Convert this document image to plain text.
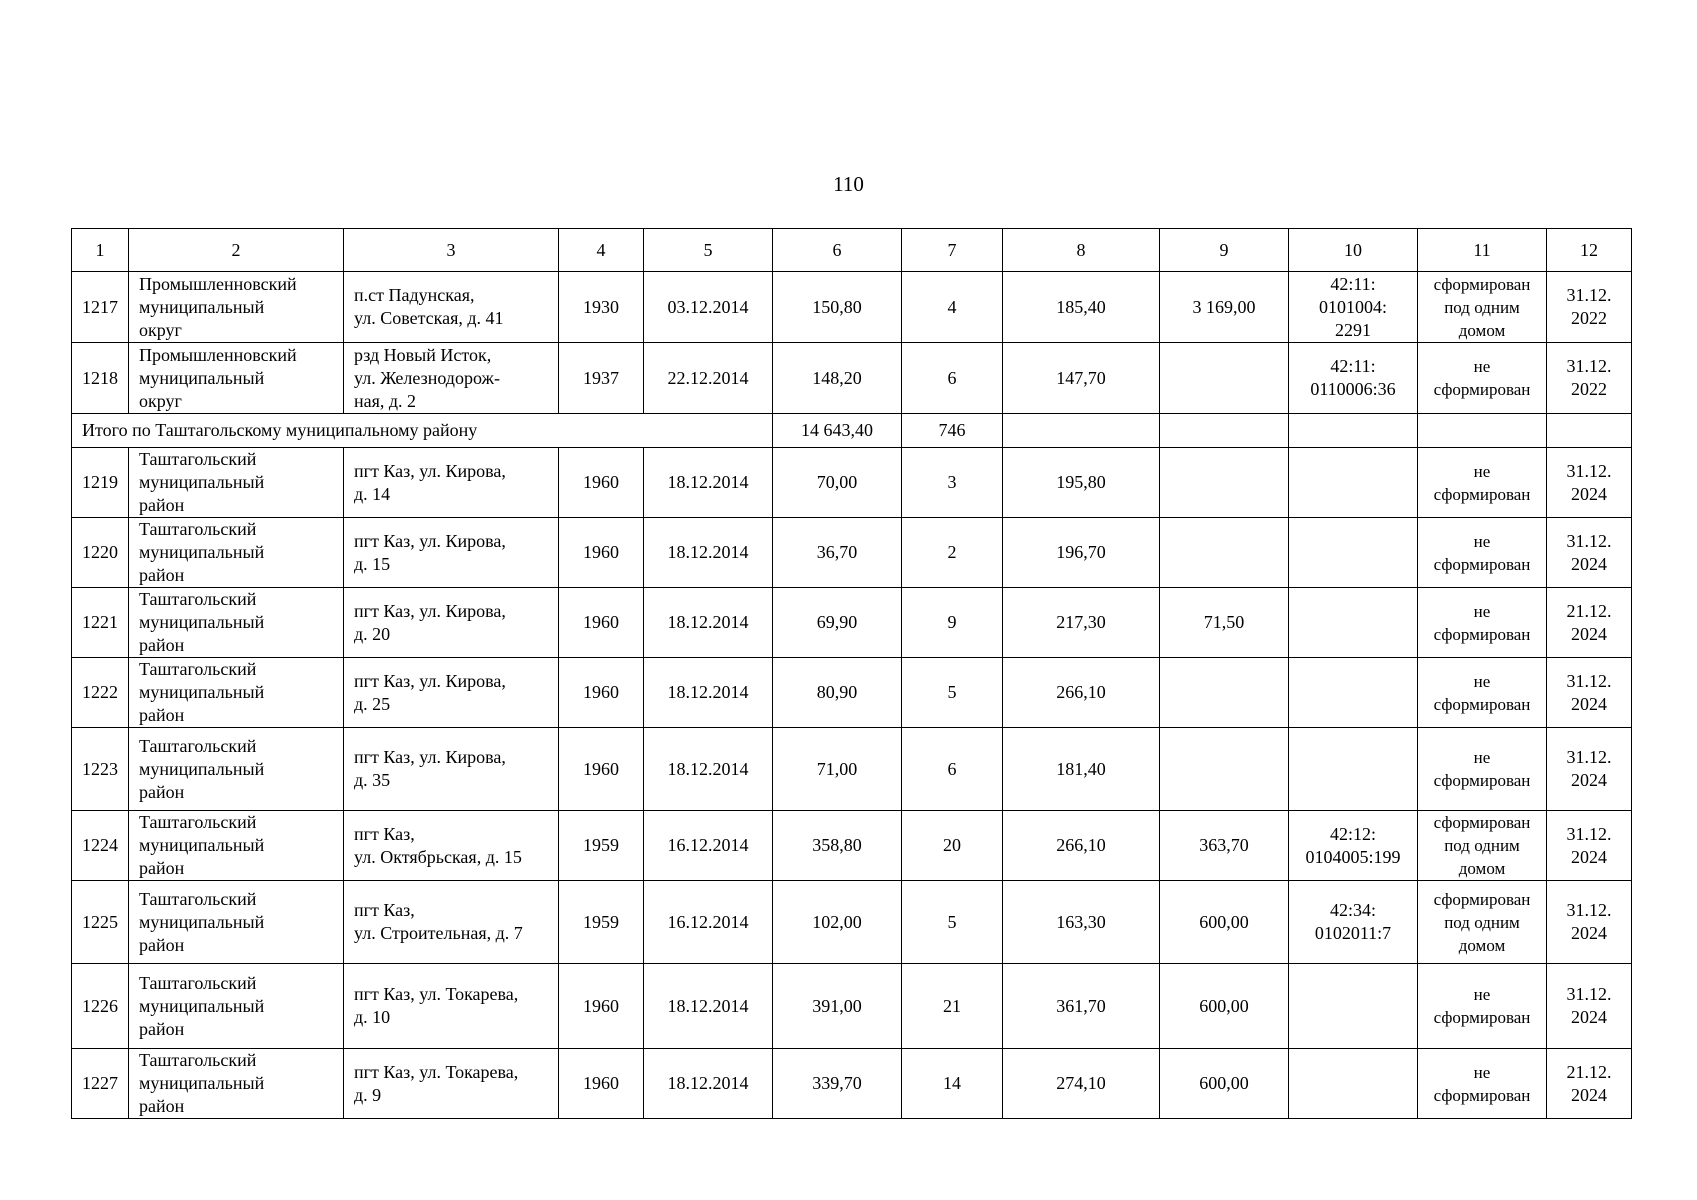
110
1	2	3	4	5	6	7	8	9	10	11	12
1217	Промышленновский
муниципальный
округ	п.ст Падунская,
ул. Советская, д. 41	1930	03.12.2014	150,80	4	185,40	3 169,00	42:11:
0101004:
2291	сформирован
под одним
домом	31.12.
2022
1218	Промышленновский
муниципальный
округ	рзд Новый Исток,
ул. Железнодорож-
ная, д. 2	1937	22.12.2014	148,20	6	147,70		42:11:
0110006:36	не
сформирован	31.12.
2022
Итого по Таштагольскому муниципальному району					14 643,40	746					
1219	Таштагольский
муниципальный
район	пгт Каз, ул. Кирова,
д. 14	1960	18.12.2014	70,00	3	195,80			не
сформирован	31.12.
2024
1220	Таштагольский
муниципальный
район	пгт Каз, ул. Кирова,
д. 15	1960	18.12.2014	36,70	2	196,70			не
сформирован	31.12.
2024
1221	Таштагольский
муниципальный
район	пгт Каз, ул. Кирова,
д. 20	1960	18.12.2014	69,90	9	217,30	71,50		не
сформирован	21.12.
2024
1222	Таштагольский
муниципальный
район	пгт Каз, ул. Кирова,
д. 25	1960	18.12.2014	80,90	5	266,10			не
сформирован	31.12.
2024
1223	Таштагольский
муниципальный
район	пгт Каз, ул. Кирова,
д. 35	1960	18.12.2014	71,00	6	181,40			не
сформирован	31.12.
2024
1224	Таштагольский
муниципальный
район	пгт Каз,
ул. Октябрьская, д. 15	1959	16.12.2014	358,80	20	266,10	363,70	42:12:
0104005:199	сформирован
под одним
домом	31.12.
2024
1225	Таштагольский
муниципальный
район	пгт Каз,
ул. Строительная, д. 7	1959	16.12.2014	102,00	5	163,30	600,00	42:34:
0102011:7	сформирован
под одним
домом	31.12.
2024
1226	Таштагольский
муниципальный
район	пгт Каз, ул. Токарева,
д. 10	1960	18.12.2014	391,00	21	361,70	600,00		не
сформирован	31.12.
2024
1227	Таштагольский
муниципальный
район	пгт Каз, ул. Токарева,
д. 9	1960	18.12.2014	339,70	14	274,10	600,00		не
сформирован	21.12.
2024
